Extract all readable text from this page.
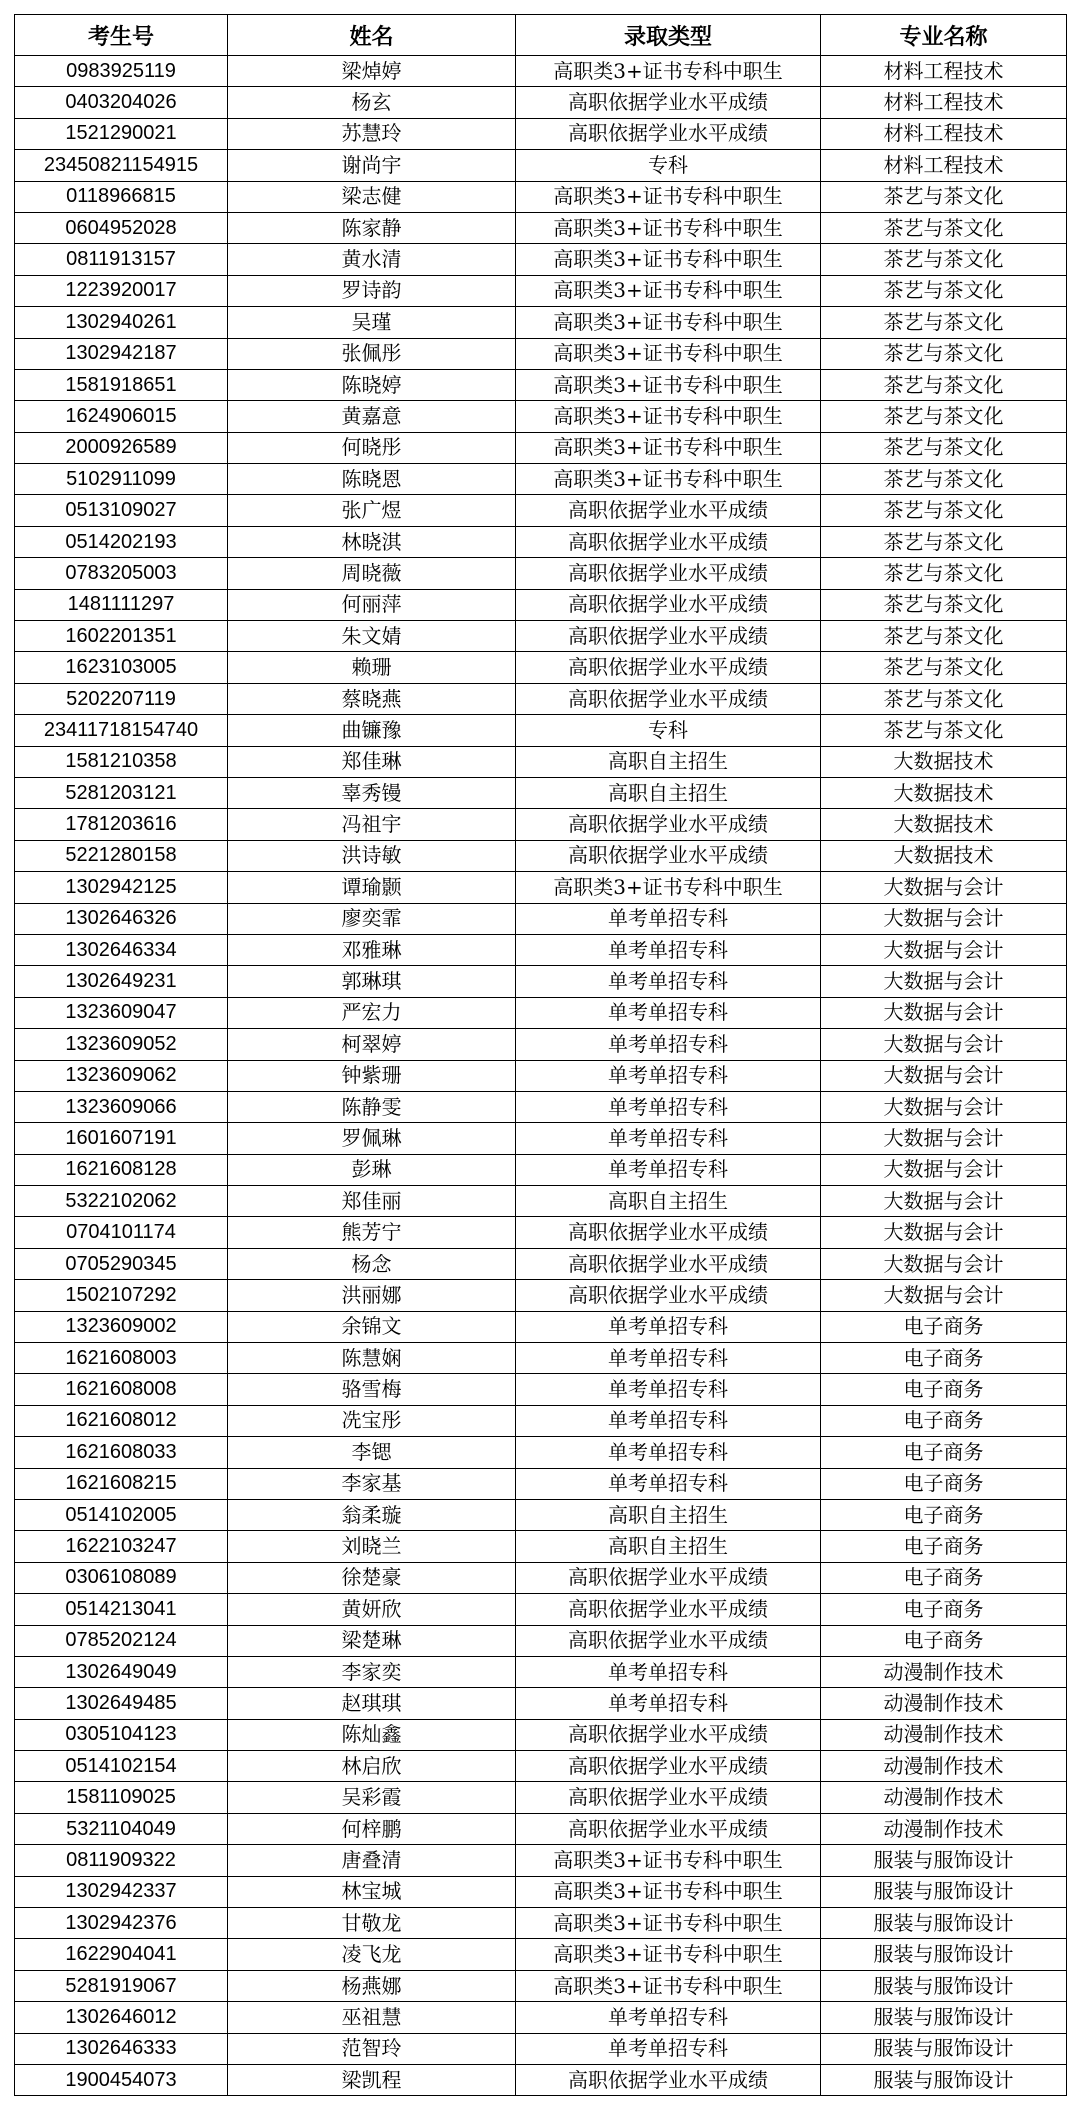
考生号	姓名	录取类型	专业名称
0983925119	梁焯婷	高职类3+证书专科中职生	材料工程技术
0403204026	杨玄	高职依据学业水平成绩	材料工程技术
1521290021	苏慧玲	高职依据学业水平成绩	材料工程技术
23450821154915	谢尚宇	专科	材料工程技术
0118966815	梁志健	高职类3+证书专科中职生	茶艺与茶文化
0604952028	陈家静	高职类3+证书专科中职生	茶艺与茶文化
0811913157	黄水清	高职类3+证书专科中职生	茶艺与茶文化
1223920017	罗诗韵	高职类3+证书专科中职生	茶艺与茶文化
1302940261	吴瑾	高职类3+证书专科中职生	茶艺与茶文化
1302942187	张佩彤	高职类3+证书专科中职生	茶艺与茶文化
1581918651	陈晓婷	高职类3+证书专科中职生	茶艺与茶文化
1624906015	黄嘉意	高职类3+证书专科中职生	茶艺与茶文化
2000926589	何晓彤	高职类3+证书专科中职生	茶艺与茶文化
5102911099	陈晓恩	高职类3+证书专科中职生	茶艺与茶文化
0513109027	张广煜	高职依据学业水平成绩	茶艺与茶文化
0514202193	林晓淇	高职依据学业水平成绩	茶艺与茶文化
0783205003	周晓薇	高职依据学业水平成绩	茶艺与茶文化
1481111297	何丽萍	高职依据学业水平成绩	茶艺与茶文化
1602201351	朱文婧	高职依据学业水平成绩	茶艺与茶文化
1623103005	赖珊	高职依据学业水平成绩	茶艺与茶文化
5202207119	蔡晓燕	高职依据学业水平成绩	茶艺与茶文化
23411718154740	曲镰豫	专科	茶艺与茶文化
1581210358	郑佳琳	高职自主招生	大数据技术
5281203121	辜秀镘	高职自主招生	大数据技术
1781203616	冯祖宇	高职依据学业水平成绩	大数据技术
5221280158	洪诗敏	高职依据学业水平成绩	大数据技术
1302942125	谭瑜颢	高职类3+证书专科中职生	大数据与会计
1302646326	廖奕霏	单考单招专科	大数据与会计
1302646334	邓雅琳	单考单招专科	大数据与会计
1302649231	郭琳琪	单考单招专科	大数据与会计
1323609047	严宏力	单考单招专科	大数据与会计
1323609052	柯翠婷	单考单招专科	大数据与会计
1323609062	钟紫珊	单考单招专科	大数据与会计
1323609066	陈静雯	单考单招专科	大数据与会计
1601607191	罗佩琳	单考单招专科	大数据与会计
1621608128	彭琳	单考单招专科	大数据与会计
5322102062	郑佳丽	高职自主招生	大数据与会计
0704101174	熊芳宁	高职依据学业水平成绩	大数据与会计
0705290345	杨念	高职依据学业水平成绩	大数据与会计
1502107292	洪丽娜	高职依据学业水平成绩	大数据与会计
1323609002	余锦文	单考单招专科	电子商务
1621608003	陈慧娴	单考单招专科	电子商务
1621608008	骆雪梅	单考单招专科	电子商务
1621608012	冼宝彤	单考单招专科	电子商务
1621608033	李锶	单考单招专科	电子商务
1621608215	李家基	单考单招专科	电子商务
0514102005	翁柔璇	高职自主招生	电子商务
1622103247	刘晓兰	高职自主招生	电子商务
0306108089	徐楚豪	高职依据学业水平成绩	电子商务
0514213041	黄妍欣	高职依据学业水平成绩	电子商务
0785202124	梁楚琳	高职依据学业水平成绩	电子商务
1302649049	李家奕	单考单招专科	动漫制作技术
1302649485	赵琪琪	单考单招专科	动漫制作技术
0305104123	陈灿鑫	高职依据学业水平成绩	动漫制作技术
0514102154	林启欣	高职依据学业水平成绩	动漫制作技术
1581109025	吴彩霞	高职依据学业水平成绩	动漫制作技术
5321104049	何梓鹏	高职依据学业水平成绩	动漫制作技术
0811909322	唐叠清	高职类3+证书专科中职生	服装与服饰设计
1302942337	林宝城	高职类3+证书专科中职生	服装与服饰设计
1302942376	甘敬龙	高职类3+证书专科中职生	服装与服饰设计
1622904041	凌飞龙	高职类3+证书专科中职生	服装与服饰设计
5281919067	杨燕娜	高职类3+证书专科中职生	服装与服饰设计
1302646012	巫祖慧	单考单招专科	服装与服饰设计
1302646333	范智玲	单考单招专科	服装与服饰设计
1900454073	梁凯程	高职依据学业水平成绩	服装与服饰设计
